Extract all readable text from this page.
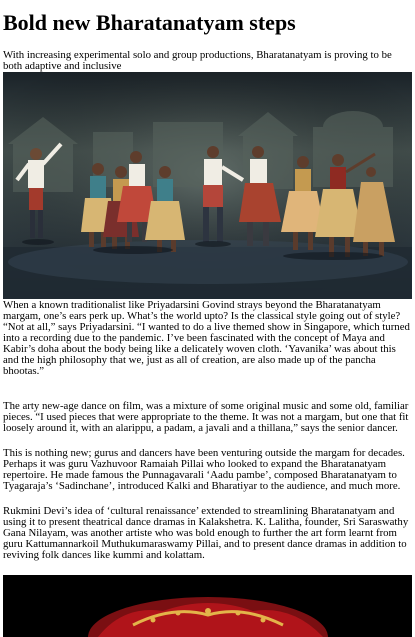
Bold new Bharatanatyam steps
With increasing experimental solo and group productions, Bharatanatyam is proving to be both adaptive and inclusive

When a known traditionalist like Priyadarsini Govind strays beyond the Bharatanatyam margam, one’s ears perk up. What’s the world upto? Is the classical style going out of style? “Not at all,” says Priyadarsini. “I wanted to do a live themed show in Singapore, which turned into a recording due to the pandemic. I’ve been fascinated with the concept of Maya and Kabir’s doha about the body being like a delicately woven cloth. ‘Yavanika’ was about this and the high philosophy that we, just as all of creation, are also made up of the pancha bhootas.”

The arty new-age dance on film, was a mixture of some original music and some old, familiar pieces. “I used pieces that were appropriate to the theme. It was not a margam, but one that fit loosely around it, with an alarippu, a padam, a javali and a thillana,” says the senior dancer.

This is nothing new; gurus and dancers have been venturing outside the margam for decades. Perhaps it was guru Vazhuvoor Ramaiah Pillai who looked to expand the Bharatanatyam repertoire. He made famous the Punnagavarali ‘Aadu pambe’, composed Bharatanatyam to Tyagaraja’s ‘Sadinchane’, introduced Kalki and Bharatiyar to the audience, and much more.

Rukmini Devi’s idea of ‘cultural renaissance’ extended to streamlining Bharatanatyam and using it to present theatrical dance dramas in Kalakshetra. K. Lalitha, founder, Sri Saraswathy Gana Nilayam, was another artiste who was bold enough to further the art form learnt from guru Kattumannarkoil Muthukumaraswamy Pillai, and to present dance dramas in addition to reviving folk dances like kummi and kolattam.
